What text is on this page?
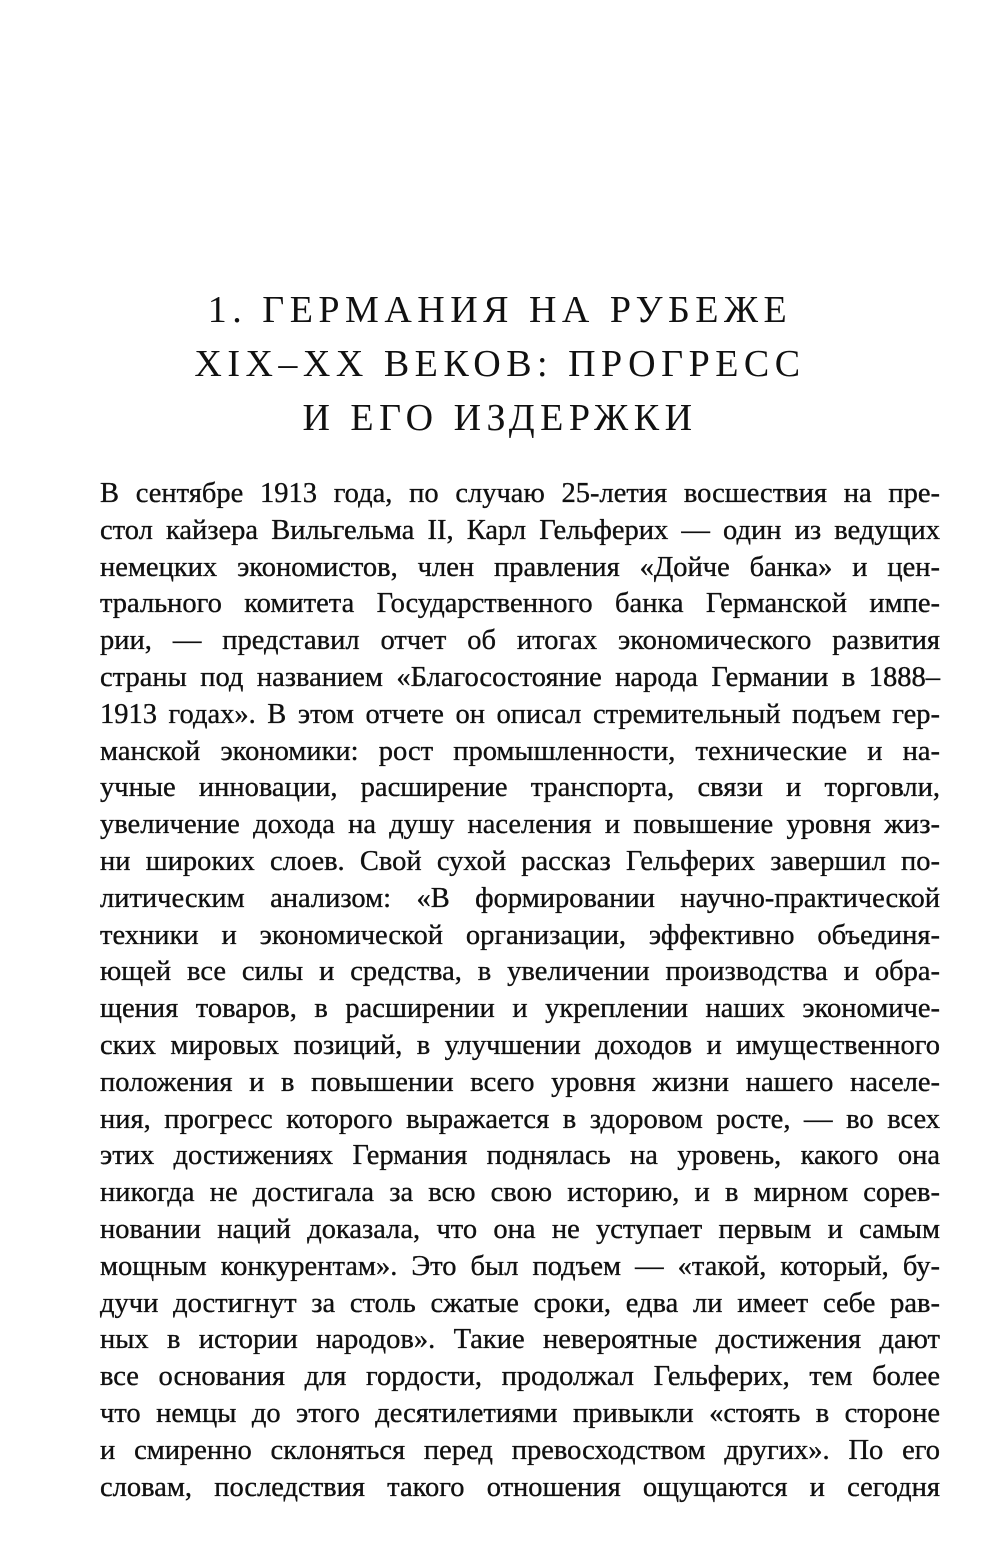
1. ГЕРМАНИЯ НА РУБЕЖЕ
XIX–XX ВЕКОВ: ПРОГРЕСС
И ЕГО ИЗДЕРЖКИ
В сентябре 1913 года, по случаю 25-летия восшествия на пре-
стол кайзера Вильгельма II, Карл Гельферих — один из ведущих
немецких экономистов, член правления «Дойче банка» и цен-
трального комитета Государственного банка Германской импе-
рии, — представил отчет об итогах экономического развития
страны под названием «Благосостояние народа Германии в 1888–
1913 годах». В этом отчете он описал стремительный подъем гер-
манской экономики: рост промышленности, технические и на-
учные инновации, расширение транспорта, связи и торговли,
увеличение дохода на душу населения и повышение уровня жиз-
ни широких слоев. Свой сухой рассказ Гельферих завершил по-
литическим анализом: «В формировании научно-практической
техники и экономической организации, эффективно объединя-
ющей все силы и средства, в увеличении производства и обра-
щения товаров, в расширении и укреплении наших экономиче-
ских мировых позиций, в улучшении доходов и имущественного
положения и в повышении всего уровня жизни нашего населе-
ния, прогресс которого выражается в здоровом росте, — во всех
этих достижениях Германия поднялась на уровень, какого она
никогда не достигала за всю свою историю, и в мирном сорев-
новании наций доказала, что она не уступает первым и самым
мощным конкурентам». Это был подъем — «такой, который, бу-
дучи достигнут за столь сжатые сроки, едва ли имеет себе рав-
ных в истории народов». Такие невероятные достижения дают
все основания для гордости, продолжал Гельферих, тем более
что немцы до этого десятилетиями привыкли «стоять в стороне
и смиренно склоняться перед превосходством других». По его
словам, последствия такого отношения ощущаются и сегодня
